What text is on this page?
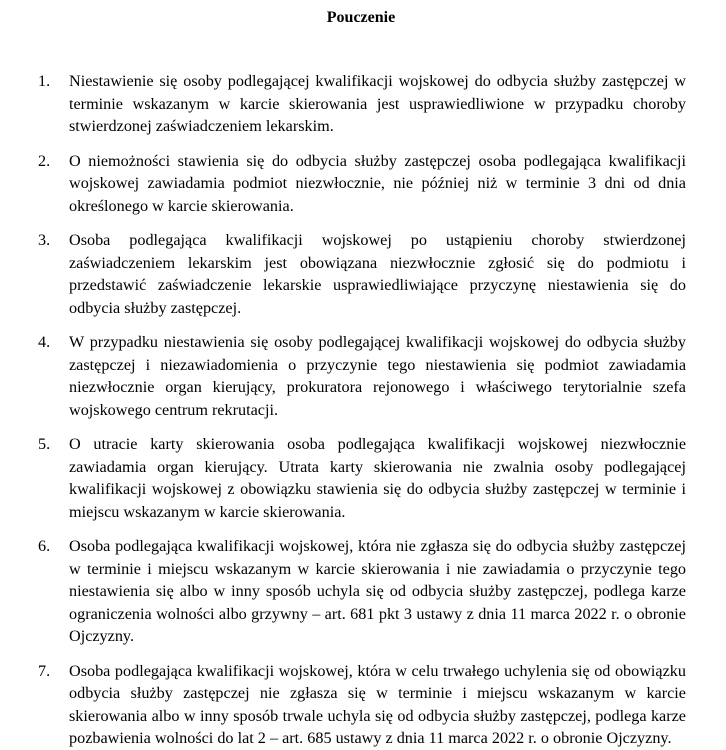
Pouczenie
1.	Niestawienie się osoby podlegającej kwalifikacji wojskowej do odbycia służby zastępczej w terminie wskazanym w karcie skierowania jest usprawiedliwione w przypadku choroby stwierdzonej zaświadczeniem lekarskim.
2.	O niemożności stawienia się do odbycia służby zastępczej osoba podlegająca kwalifikacji wojskowej zawiadamia podmiot niezwłocznie, nie później niż w terminie 3 dni od dnia określonego w karcie skierowania.
3.	Osoba podlegająca kwalifikacji wojskowej po ustąpieniu choroby stwierdzonej zaświadczeniem lekarskim jest obowiązana niezwłocznie zgłosić się do podmiotu i przedstawić zaświadczenie lekarskie usprawiedliwiające przyczynę niestawienia się do odbycia służby zastępczej.
4.	W przypadku niestawienia się osoby podlegającej kwalifikacji wojskowej do odbycia służby zastępczej i niezawiadomienia o przyczynie tego niestawienia się podmiot zawiadamia niezwłocznie organ kierujący, prokuratora rejonowego i właściwego terytorialnie szefa wojskowego centrum rekrutacji.
5.	O utracie karty skierowania osoba podlegająca kwalifikacji wojskowej niezwłocznie zawiadamia organ kierujący. Utrata karty skierowania nie zwalnia osoby podlegającej kwalifikacji wojskowej z obowiązku stawienia się do odbycia służby zastępczej w terminie i miejscu wskazanym w karcie skierowania.
6.	Osoba podlegająca kwalifikacji wojskowej, która nie zgłasza się do odbycia służby zastępczej w terminie i miejscu wskazanym w karcie skierowania i nie zawiadamia o przyczynie tego niestawienia się albo w inny sposób uchyla się od odbycia służby zastępczej, podlega karze ograniczenia wolności albo grzywny – art. 681 pkt 3 ustawy z dnia 11 marca 2022 r. o obronie Ojczyzny.
7.	Osoba podlegająca kwalifikacji wojskowej, która w celu trwałego uchylenia się od obowiązku odbycia służby zastępczej nie zgłasza się w terminie i miejscu wskazanym w karcie skierowania albo w inny sposób trwale uchyla się od odbycia służby zastępczej, podlega karze pozbawienia wolności do lat 2 – art. 685 ustawy z dnia 11 marca 2022 r. o obronie Ojczyzny.
